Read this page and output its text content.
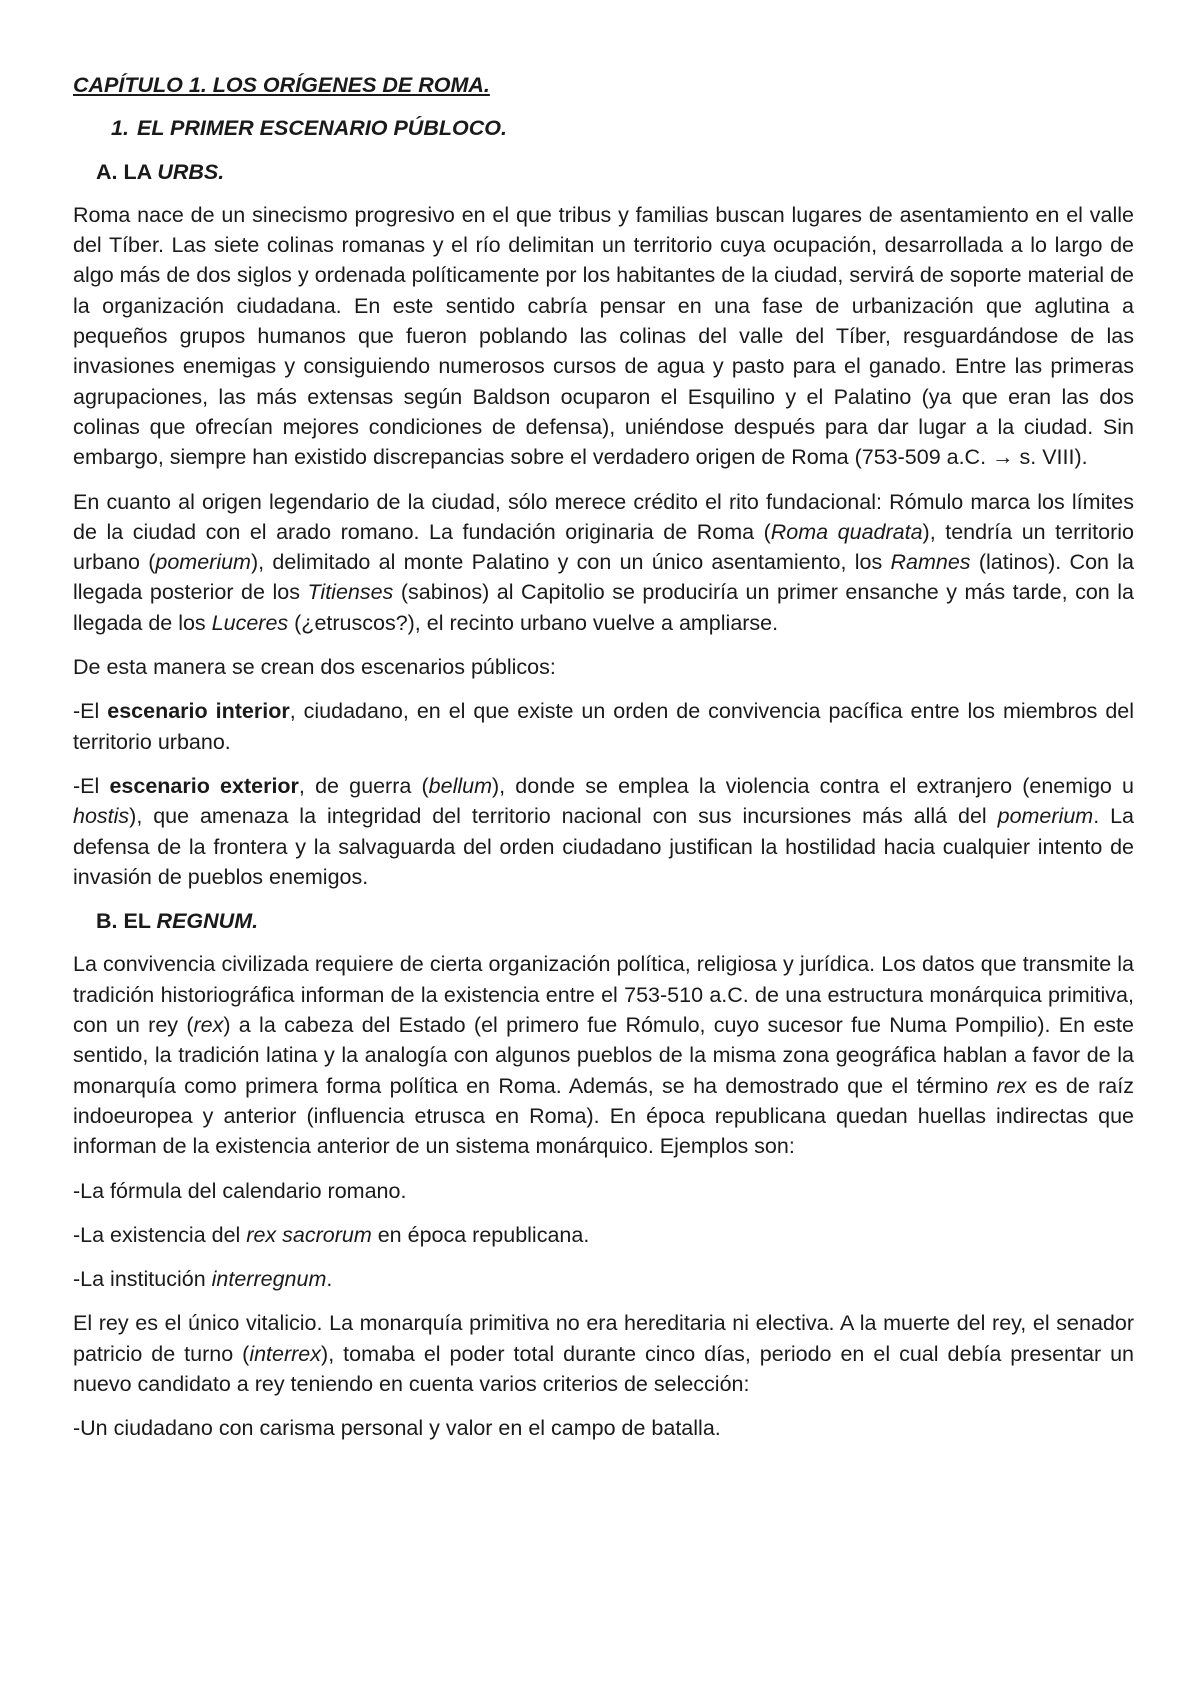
CAPÍTULO 1. LOS ORÍGENES DE ROMA.
1. EL PRIMER ESCENARIO PÚBLOCO.
A. LA URBS.

Roma nace de un sinecismo progresivo en el que tribus y familias buscan lugares de asentamiento en el valle del Tíber. Las siete colinas romanas y el río delimitan un territorio cuya ocupación, desarrollada a lo largo de algo más de dos siglos y ordenada políticamente por los habitantes de la ciudad, servirá de soporte material de la organización ciudadana. En este sentido cabría pensar en una fase de urbanización que aglutina a pequeños grupos humanos que fueron poblando las colinas del valle del Tíber, resguardándose de las invasiones enemigas y consiguiendo numerosos cursos de agua y pasto para el ganado. Entre las primeras agrupaciones, las más extensas según Baldson ocuparon el Esquilino y el Palatino (ya que eran las dos colinas que ofrecían mejores condiciones de defensa), uniéndose después para dar lugar a la ciudad. Sin embargo, siempre han existido discrepancias sobre el verdadero origen de Roma (753-509 a.C. → s. VIII).

En cuanto al origen legendario de la ciudad, sólo merece crédito el rito fundacional: Rómulo marca los límites de la ciudad con el arado romano. La fundación originaria de Roma (Roma quadrata), tendría un territorio urbano (pomerium), delimitado al monte Palatino y con un único asentamiento, los Ramnes (latinos). Con la llegada posterior de los Titienses (sabinos) al Capitolio se produciría un primer ensanche y más tarde, con la llegada de los Luceres (¿etruscos?), el recinto urbano vuelve a ampliarse.

De esta manera se crean dos escenarios públicos:

-El escenario interior, ciudadano, en el que existe un orden de convivencia pacífica entre los miembros del territorio urbano.

-El escenario exterior, de guerra (bellum), donde se emplea la violencia contra el extranjero (enemigo u hostis), que amenaza la integridad del territorio nacional con sus incursiones más allá del pomerium. La defensa de la frontera y la salvaguarda del orden ciudadano justifican la hostilidad hacia cualquier intento de invasión de pueblos enemigos.

B. EL REGNUM.

La convivencia civilizada requiere de cierta organización política, religiosa y jurídica. Los datos que transmite la tradición historiográfica informan de la existencia entre el 753-510 a.C. de una estructura monárquica primitiva, con un rey (rex) a la cabeza del Estado (el primero fue Rómulo, cuyo sucesor fue Numa Pompilio). En este sentido, la tradición latina y la analogía con algunos pueblos de la misma zona geográfica hablan a favor de la monarquía como primera forma política en Roma. Además, se ha demostrado que el término rex es de raíz indoeuropea y anterior (influencia etrusca en Roma). En época republicana quedan huellas indirectas que informan de la existencia anterior de un sistema monárquico. Ejemplos son:

-La fórmula del calendario romano.

-La existencia del rex sacrorum en época republicana.

-La institución interregnum.

El rey es el único vitalicio. La monarquía primitiva no era hereditaria ni electiva. A la muerte del rey, el senador patricio de turno (interrex), tomaba el poder total durante cinco días, periodo en el cual debía presentar un nuevo candidato a rey teniendo en cuenta varios criterios de selección:

-Un ciudadano con carisma personal y valor en el campo de batalla.
